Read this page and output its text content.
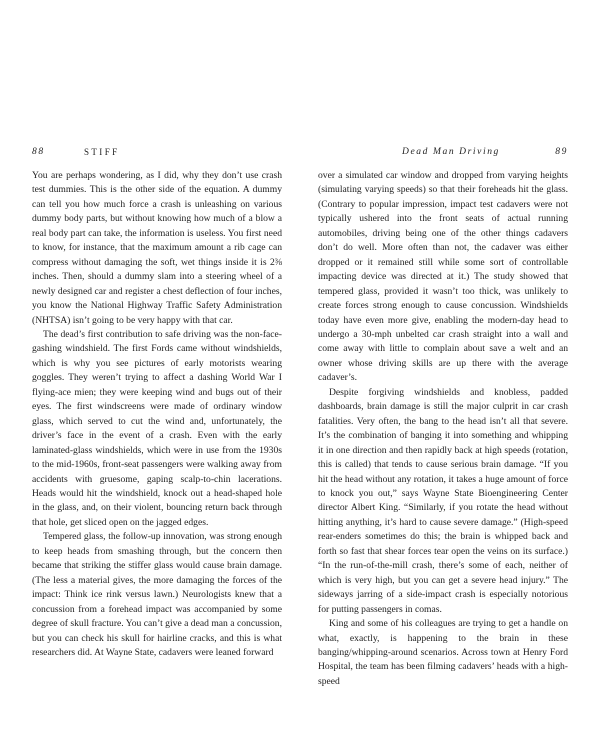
88	STIFF

You are perhaps wondering, as I did, why they don’t use crash test dummies. This is the other side of the equation. A dummy can tell you how much force a crash is unleashing on various dummy body parts, but without knowing how much of a blow a real body part can take, the information is useless. You first need to know, for instance, that the maximum amount a rib cage can compress without damaging the soft, wet things inside it is 2⅜ inches. Then, should a dummy slam into a steering wheel of a newly designed car and register a chest deflection of four inches, you know the National Highway Traffic Safety Administration (NHTSA) isn’t going to be very happy with that car.

The dead’s first contribution to safe driving was the non-face-gashing windshield. The first Fords came without windshields, which is why you see pictures of early motorists wearing goggles. They weren’t trying to affect a dashing World War I flying-ace mien; they were keeping wind and bugs out of their eyes. The first windscreens were made of ordinary window glass, which served to cut the wind and, unfortunately, the driver’s face in the event of a crash. Even with the early laminated-glass windshields, which were in use from the 1930s to the mid-1960s, front-seat passengers were walking away from accidents with gruesome, gaping scalp-to-chin lacerations. Heads would hit the windshield, knock out a head-shaped hole in the glass, and, on their violent, bouncing return back through that hole, get sliced open on the jagged edges.

Tempered glass, the follow-up innovation, was strong enough to keep heads from smashing through, but the concern then became that striking the stiffer glass would cause brain damage. (The less a material gives, the more damaging the forces of the impact: Think ice rink versus lawn.) Neurologists knew that a concussion from a forehead impact was accompanied by some degree of skull fracture. You can’t give a dead man a concussion, but you can check his skull for hairline cracks, and this is what researchers did. At Wayne State, cadavers were leaned forward

Dead Man Driving	89

over a simulated car window and dropped from varying heights (simulating varying speeds) so that their foreheads hit the glass. (Contrary to popular impression, impact test cadavers were not typically ushered into the front seats of actual running automobiles, driving being one of the other things cadavers don’t do well. More often than not, the cadaver was either dropped or it remained still while some sort of controllable impacting device was directed at it.) The study showed that tempered glass, provided it wasn’t too thick, was unlikely to create forces strong enough to cause concussion. Windshields today have even more give, enabling the modern-day head to undergo a 30-mph unbelted car crash straight into a wall and come away with little to complain about save a welt and an owner whose driving skills are up there with the average cadaver’s.

Despite forgiving windshields and knobless, padded dashboards, brain damage is still the major culprit in car crash fatalities. Very often, the bang to the head isn’t all that severe. It’s the combination of banging it into something and whipping it in one direction and then rapidly back at high speeds (rotation, this is called) that tends to cause serious brain damage. “If you hit the head without any rotation, it takes a huge amount of force to knock you out,” says Wayne State Bioengineering Center director Albert King. “Similarly, if you rotate the head without hitting anything, it’s hard to cause severe damage.” (High-speed rear-enders sometimes do this; the brain is whipped back and forth so fast that shear forces tear open the veins on its surface.) “In the run-of-the-mill crash, there’s some of each, neither of which is very high, but you can get a severe head injury.” The sideways jarring of a side-impact crash is especially notorious for putting passengers in comas.

King and some of his colleagues are trying to get a handle on what, exactly, is happening to the brain in these banging/whipping-around scenarios. Across town at Henry Ford Hospital, the team has been filming cadavers’ heads with a high-speed
